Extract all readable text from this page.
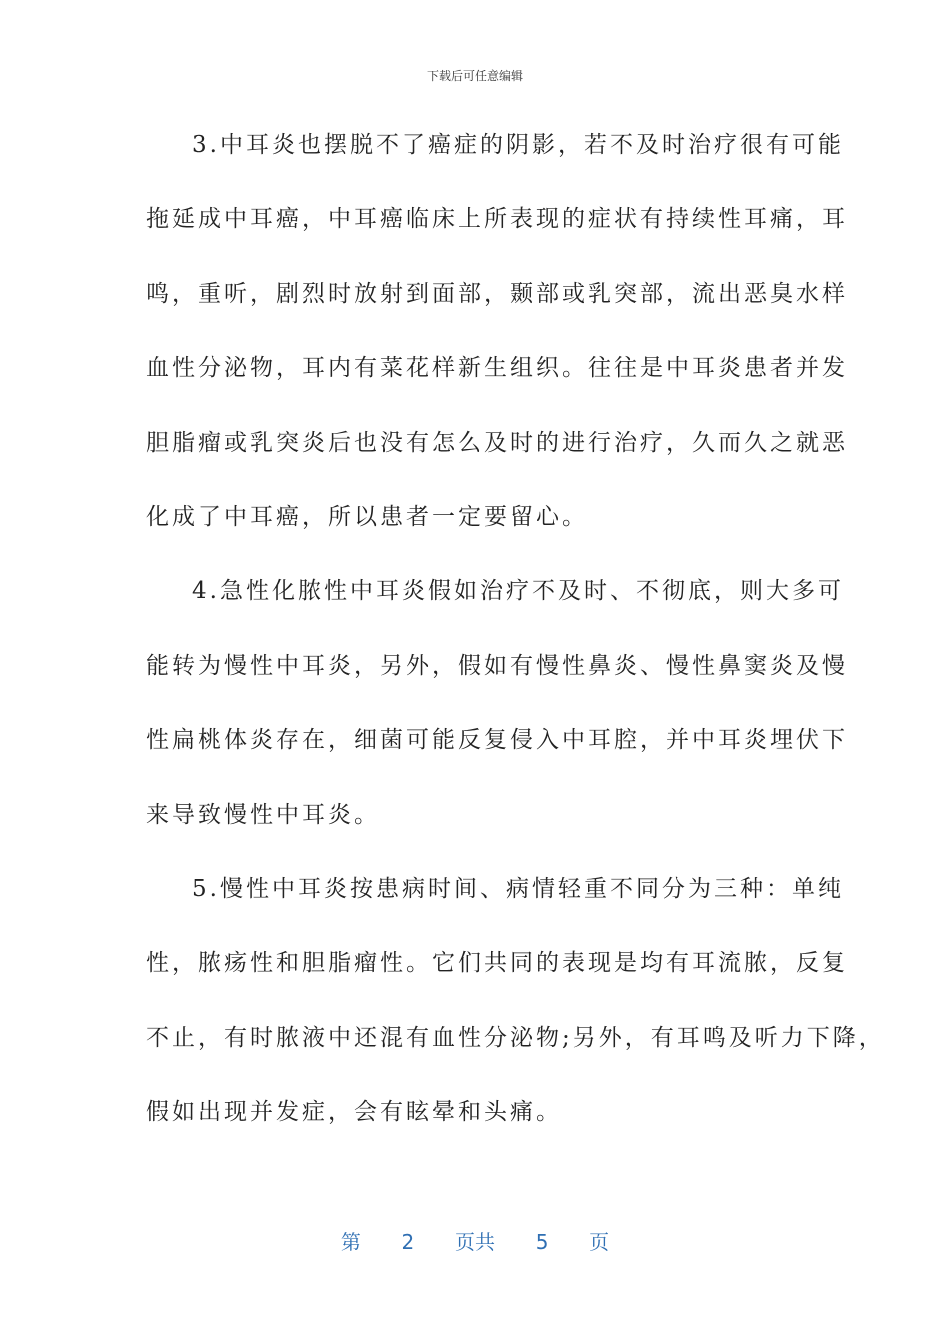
下载后可任意编辑
3.中耳炎也摆脱不了癌症的阴影，若不及时治疗很有可能
拖延成中耳癌，中耳癌临床上所表现的症状有持续性耳痛，耳
鸣，重听，剧烈时放射到面部，颞部或乳突部，流出恶臭水样
血性分泌物，耳内有菜花样新生组织。往往是中耳炎患者并发
胆脂瘤或乳突炎后也没有怎么及时的进行治疗，久而久之就恶
化成了中耳癌，所以患者一定要留心。
4.急性化脓性中耳炎假如治疗不及时、不彻底，则大多可
能转为慢性中耳炎，另外，假如有慢性鼻炎、慢性鼻窦炎及慢
性扁桃体炎存在，细菌可能反复侵入中耳腔，并中耳炎埋伏下
来导致慢性中耳炎。
5.慢性中耳炎按患病时间、病情轻重不同分为三种：单纯
性，脓疡性和胆脂瘤性。它们共同的表现是均有耳流脓，反复
不止，有时脓液中还混有血性分泌物;另外，有耳鸣及听力下降，
假如出现并发症，会有眩晕和头痛。
第 2 页共 5 页
